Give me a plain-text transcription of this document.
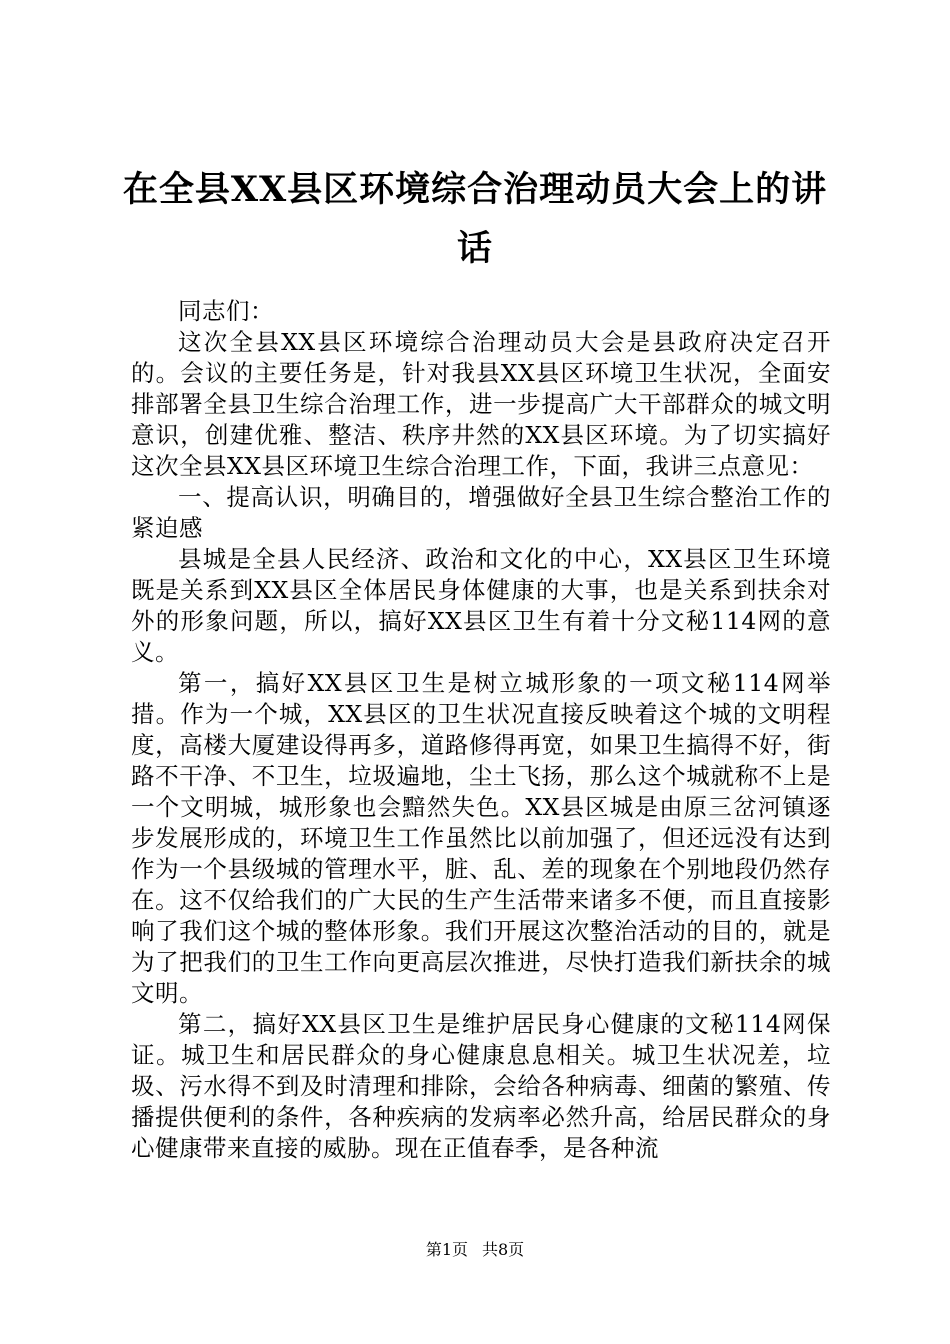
在全县XX县区环境综合治理动员大会上的讲话

同志们：

这次全县XX县区环境综合治理动员大会是县政府决定召开的。会议的主要任务是，针对我县XX县区环境卫生状况，全面安排部署全县卫生综合治理工作，进一步提高广大干部群众的城文明意识，创建优雅、整洁、秩序井然的XX县区环境。为了切实搞好这次全县XX县区环境卫生综合治理工作，下面，我讲三点意见：

一、提高认识，明确目的，增强做好全县卫生综合整治工作的紧迫感

县城是全县人民经济、政治和文化的中心，XX县区卫生环境既是关系到XX县区全体居民身体健康的大事，也是关系到扶余对外的形象问题，所以，搞好XX县区卫生有着十分文秘114网的意义。

第一，搞好XX县区卫生是树立城形象的一项文秘114网举措。作为一个城，XX县区的卫生状况直接反映着这个城的文明程度，高楼大厦建设得再多，道路修得再宽，如果卫生搞得不好，街路不干净、不卫生，垃圾遍地，尘土飞扬，那么这个城就称不上是一个文明城，城形象也会黯然失色。XX县区城是由原三岔河镇逐步发展形成的，环境卫生工作虽然比以前加强了，但还远没有达到作为一个县级城的管理水平，脏、乱、差的现象在个别地段仍然存在。这不仅给我们的广大民的生产生活带来诸多不便，而且直接影响了我们这个城的整体形象。我们开展这次整治活动的目的，就是为了把我们的卫生工作向更高层次推进，尽快打造我们新扶余的城文明。

第二，搞好XX县区卫生是维护居民身心健康的文秘114网保证。城卫生和居民群众的身心健康息息相关。城卫生状况差，垃圾、污水得不到及时清理和排除，会给各种病毒、细菌的繁殖、传播提供便利的条件，各种疾病的发病率必然升高，给居民群众的身心健康带来直接的威胁。现在正值春季，是各种流

第1页 共8页
